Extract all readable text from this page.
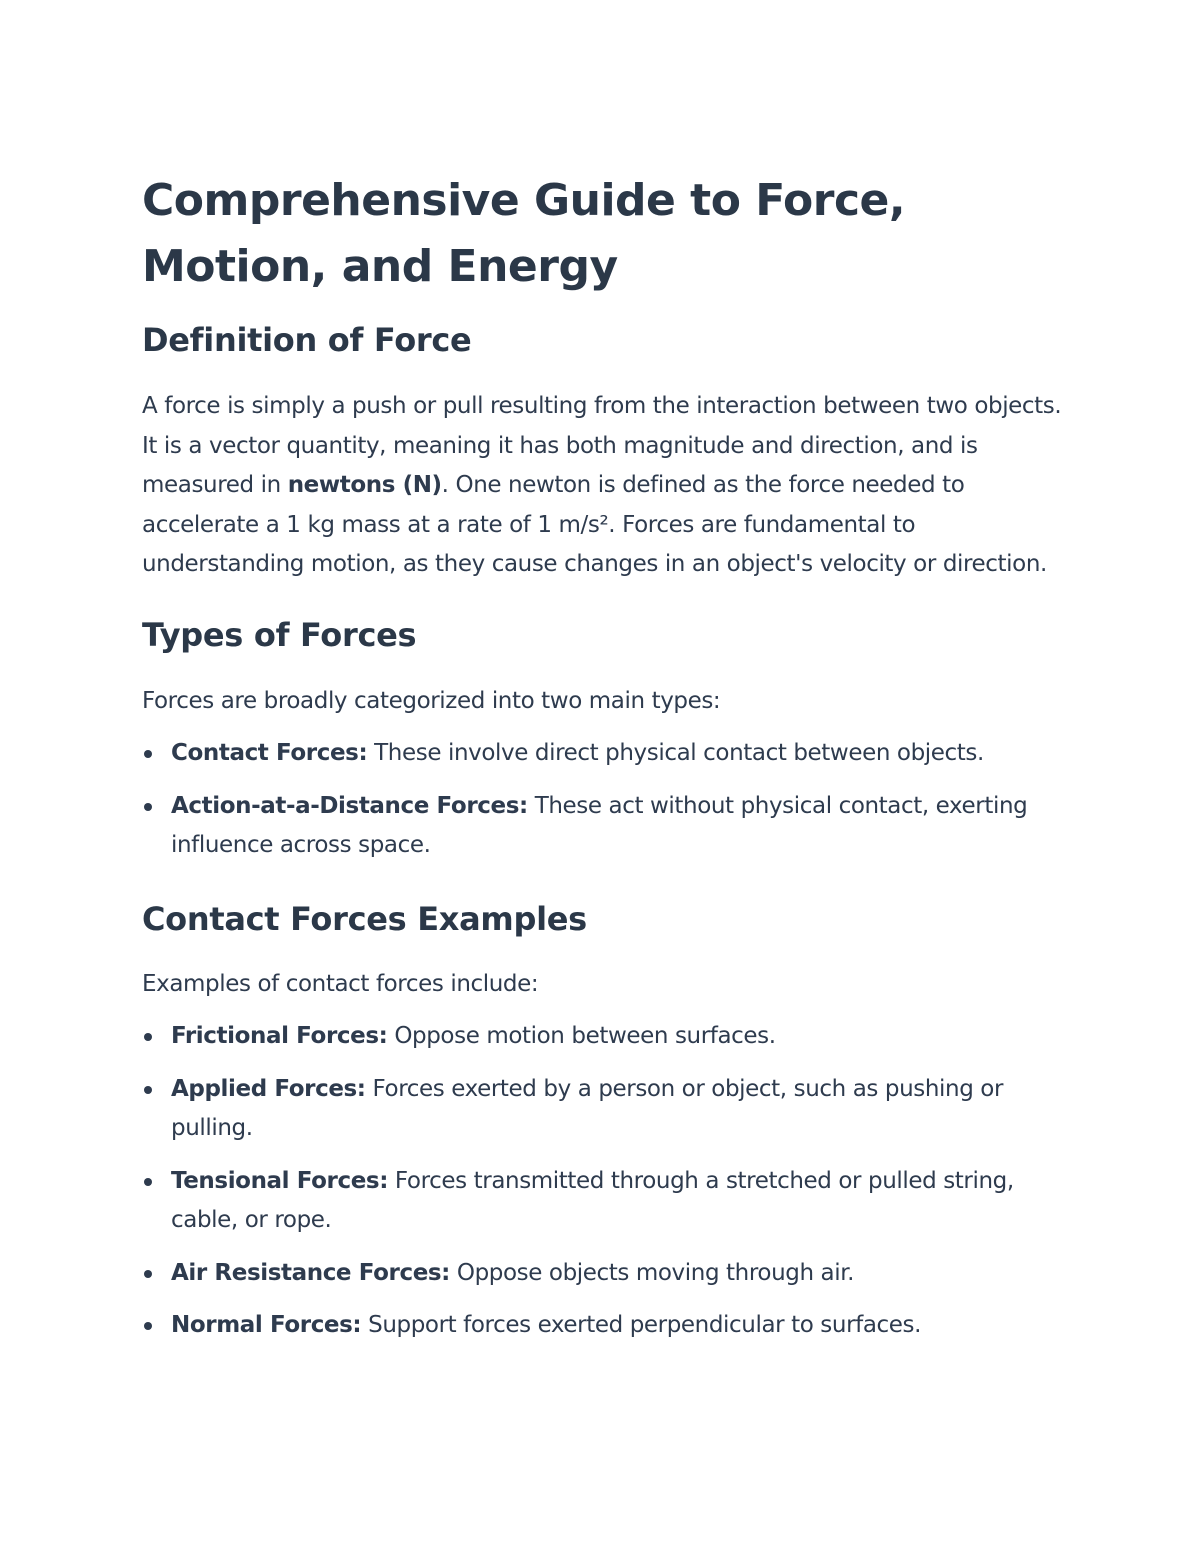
Comprehensive Guide to Force, Motion, and Energy
Definition of Force

A force is simply a push or pull resulting from the interaction between two objects. It is a vector quantity, meaning it has both magnitude and direction, and is measured in newtons (N). One newton is defined as the force needed to accelerate a 1 kg mass at a rate of 1 m/s². Forces are fundamental to understanding motion, as they cause changes in an object's velocity or direction.

Types of Forces

Forces are broadly categorized into two main types:

Contact Forces: These involve direct physical contact between objects.
Action-at-a-Distance Forces: These act without physical contact, exerting influence across space.
Contact Forces Examples

Examples of contact forces include:

Frictional Forces: Oppose motion between surfaces.
Applied Forces: Forces exerted by a person or object, such as pushing or pulling.
Tensional Forces: Forces transmitted through a stretched or pulled string, cable, or rope.
Air Resistance Forces: Oppose objects moving through air.
Normal Forces: Support forces exerted perpendicular to surfaces.
